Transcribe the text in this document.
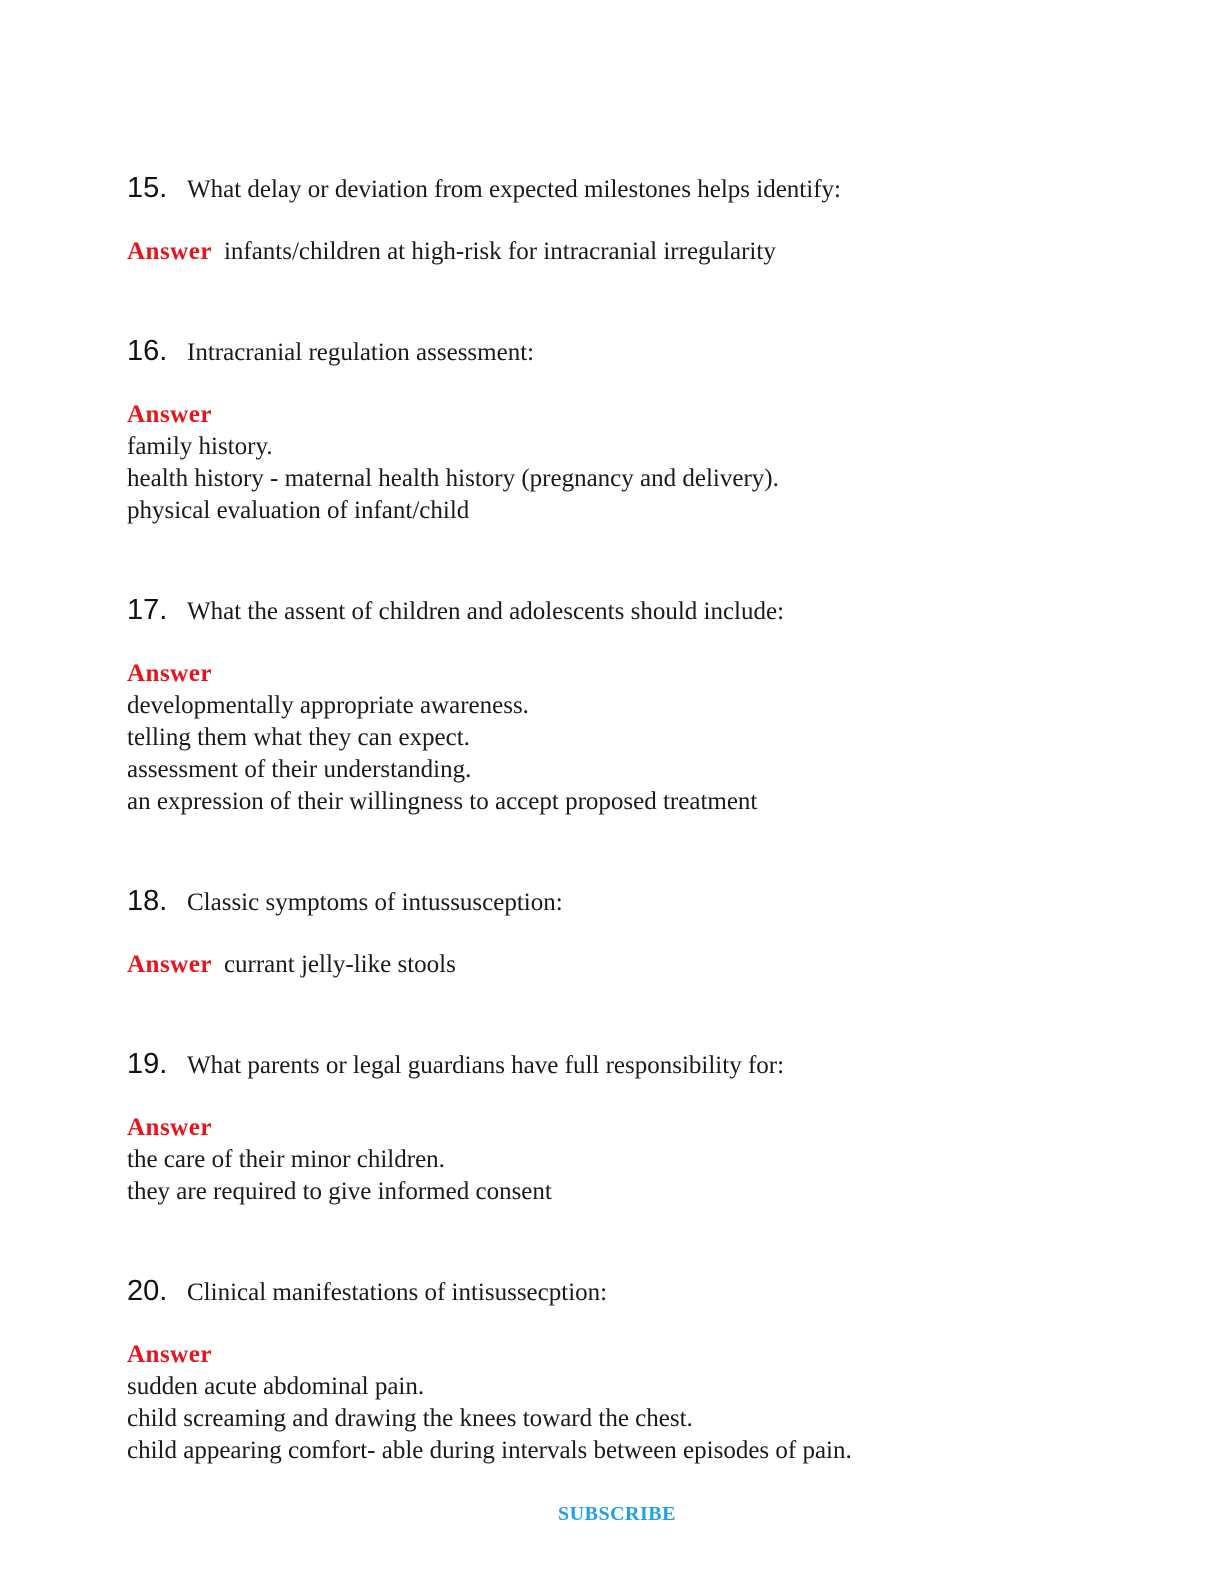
15. What delay or deviation from expected milestones helps identify:
Answer infants/children at high-risk for intracranial irregularity
16. Intracranial regulation assessment:
Answer
family history.
health history - maternal health history (pregnancy and delivery).
physical evaluation of infant/child
17. What the assent of children and adolescents should include:
Answer
developmentally appropriate awareness.
telling them what they can expect.
assessment of their understanding.
an expression of their willingness to accept proposed treatment
18. Classic symptoms of intussusception:
Answer currant jelly-like stools
19. What parents or legal guardians have full responsibility for:
Answer
the care of their minor children.
they are required to give informed consent
20. Clinical manifestations of intisussecption:
Answer
sudden acute abdominal pain.
child screaming and drawing the knees toward the chest.
child appearing comfort- able during intervals between episodes of pain.
SUBSCRIBE
